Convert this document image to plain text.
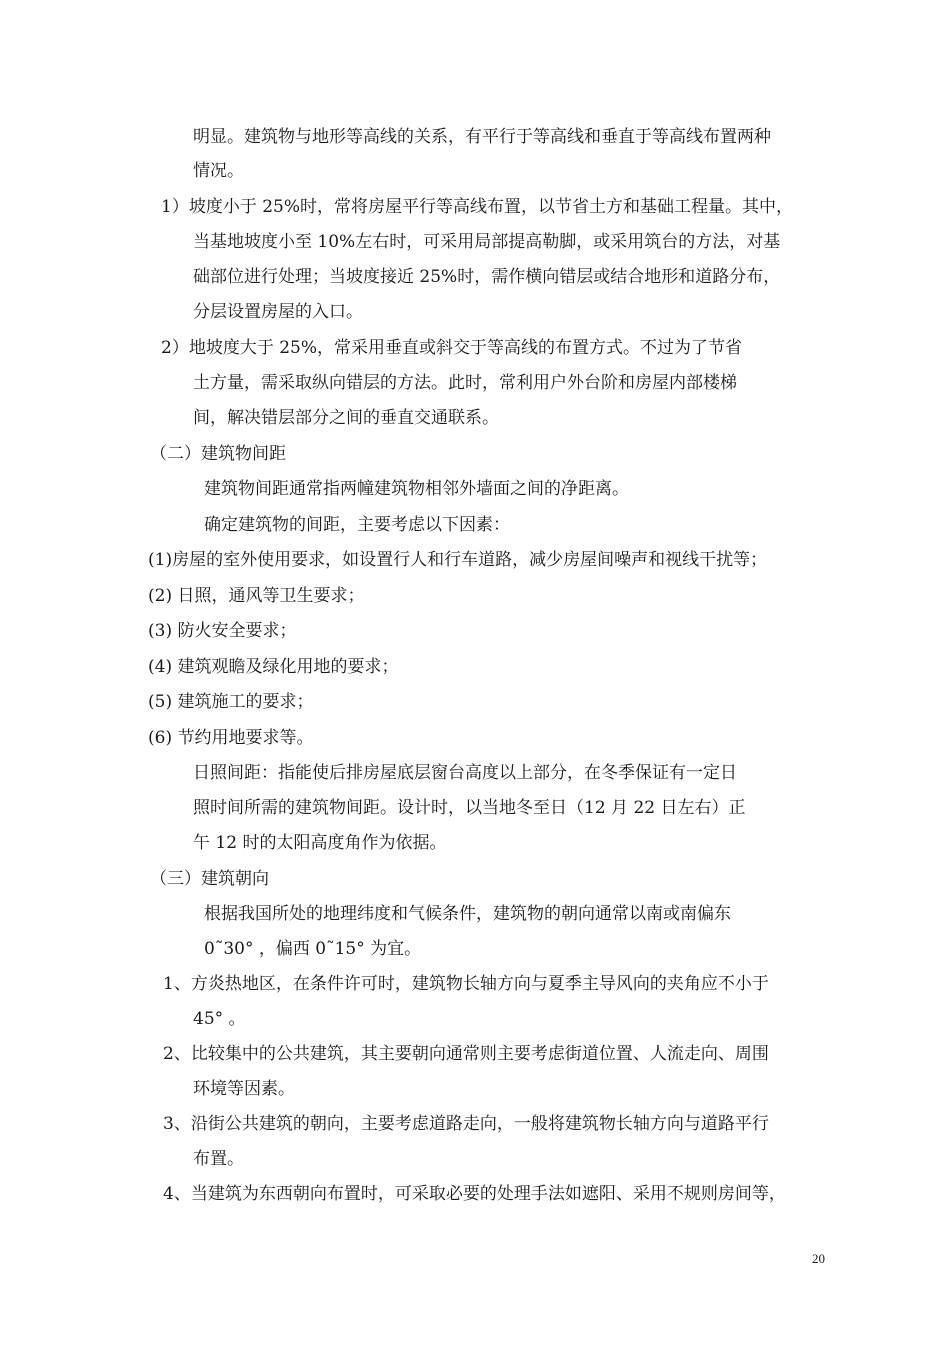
明显。建筑物与地形等高线的关系，有平行于等高线和垂直于等高线布置两种
情况。
1）坡度小于 25%时，常将房屋平行等高线布置，以节省土方和基础工程量。其中，
当基地坡度小至 10%左右时，可采用局部提高勒脚，或采用筑台的方法，对基
础部位进行处理；当坡度接近 25%时，需作横向错层或结合地形和道路分布，
分层设置房屋的入口。
2）地坡度大于 25%，常采用垂直或斜交于等高线的布置方式。不过为了节省
土方量，需采取纵向错层的方法。此时，常利用户外台阶和房屋内部楼梯
间，解决错层部分之间的垂直交通联系。
（二）建筑物间距
建筑物间距通常指两幢建筑物相邻外墙面之间的净距离。
确定建筑物的间距，主要考虑以下因素：
(1)房屋的室外使用要求，如设置行人和行车道路，减少房屋间噪声和视线干扰等；
(2) 日照，通风等卫生要求；
(3) 防火安全要求；
(4) 建筑观瞻及绿化用地的要求；
(5) 建筑施工的要求；
(6) 节约用地要求等。
日照间距：指能使后排房屋底层窗台高度以上部分，在冬季保证有一定日
照时间所需的建筑物间距。设计时，以当地冬至日（12 月 22 日左右）正
午 12 时的太阳高度角作为依据。
（三）建筑朝向
根据我国所处的地理纬度和气候条件，建筑物的朝向通常以南或南偏东
0˜30° ，偏西 0˜15° 为宜。
1、方炎热地区，在条件许可时，建筑物长轴方向与夏季主导风向的夹角应不小于
45° 。
2、比较集中的公共建筑，其主要朝向通常则主要考虑街道位置、人流走向、周围
环境等因素。
3、沿街公共建筑的朝向，主要考虑道路走向，一般将建筑物长轴方向与道路平行
布置。
4、当建筑为东西朝向布置时，可采取必要的处理手法如遮阳、采用不规则房间等，
20
